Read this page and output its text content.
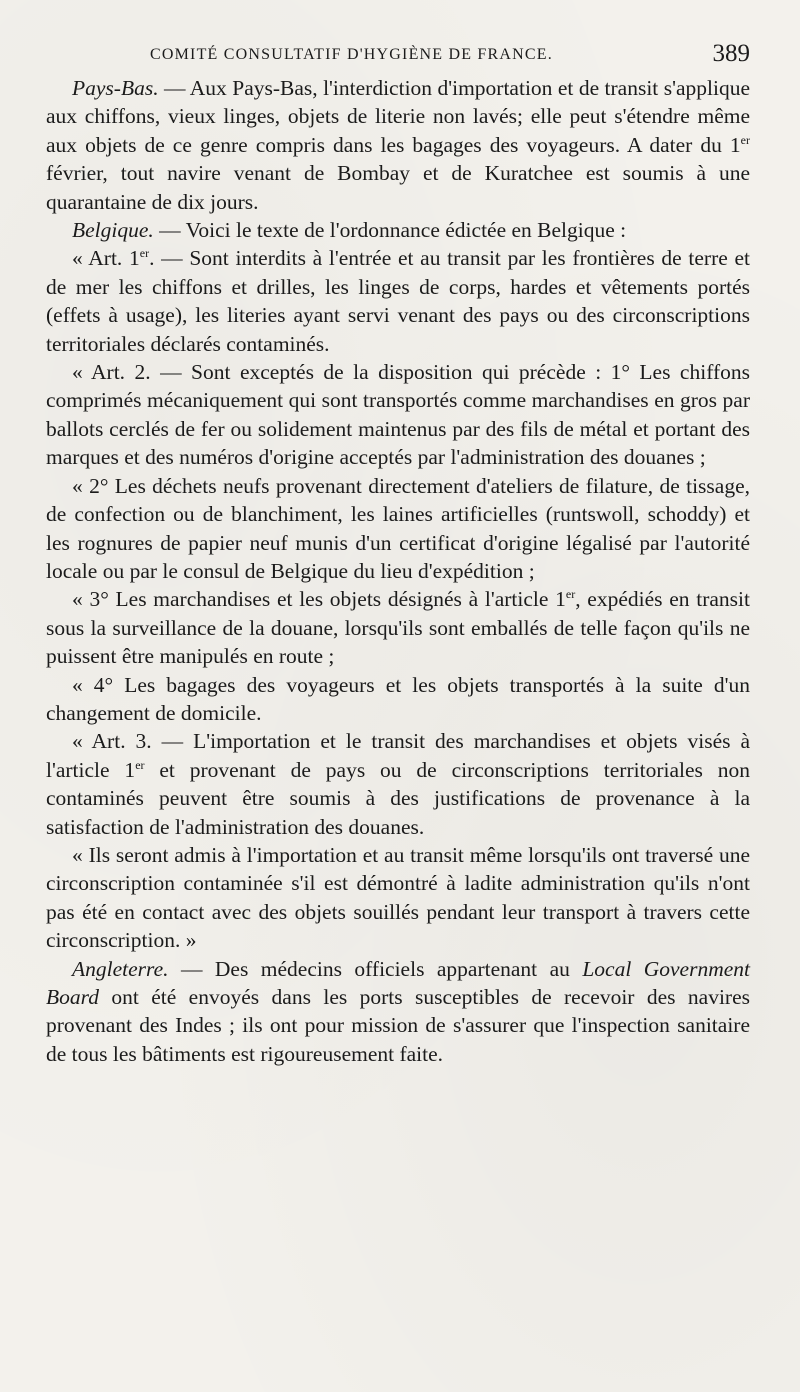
COMITÉ CONSULTATIF D'HYGIÈNE DE FRANCE.	389

Pays-Bas. — Aux Pays-Bas, l'interdiction d'importation et de transit s'applique aux chiffons, vieux linges, objets de literie non lavés; elle peut s'étendre même aux objets de ce genre compris dans les bagages des voyageurs. A dater du 1er février, tout navire venant de Bombay et de Kuratchee est soumis à une quarantaine de dix jours.

Belgique. — Voici le texte de l'ordonnance édictée en Belgique :

« Art. 1er. — Sont interdits à l'entrée et au transit par les frontières de terre et de mer les chiffons et drilles, les linges de corps, hardes et vêtements portés (effets à usage), les literies ayant servi venant des pays ou des circonscriptions territoriales déclarés contaminés.

« Art. 2. — Sont exceptés de la disposition qui précède : 1° Les chiffons comprimés mécaniquement qui sont transportés comme marchandises en gros par ballots cerclés de fer ou solidement maintenus par des fils de métal et portant des marques et des numéros d'origine acceptés par l'administration des douanes ;

« 2° Les déchets neufs provenant directement d'ateliers de filature, de tissage, de confection ou de blanchiment, les laines artificielles (runtswoll, schoddy) et les rognures de papier neuf munis d'un certificat d'origine légalisé par l'autorité locale ou par le consul de Belgique du lieu d'expédition ;

« 3° Les marchandises et les objets désignés à l'article 1er, expédiés en transit sous la surveillance de la douane, lorsqu'ils sont emballés de telle façon qu'ils ne puissent être manipulés en route ;

« 4° Les bagages des voyageurs et les objets transportés à la suite d'un changement de domicile.

« Art. 3. — L'importation et le transit des marchandises et objets visés à l'article 1er et provenant de pays ou de circonscriptions territoriales non contaminés peuvent être soumis à des justifications de provenance à la satisfaction de l'administration des douanes.

« Ils seront admis à l'importation et au transit même lorsqu'ils ont traversé une circonscription contaminée s'il est démontré à ladite administration qu'ils n'ont pas été en contact avec des objets souillés pendant leur transport à travers cette circonscription. »

Angleterre. — Des médecins officiels appartenant au Local Government Board ont été envoyés dans les ports susceptibles de recevoir des navires provenant des Indes ; ils ont pour mission de s'assurer que l'inspection sanitaire de tous les bâtiments est rigoureusement faite.
